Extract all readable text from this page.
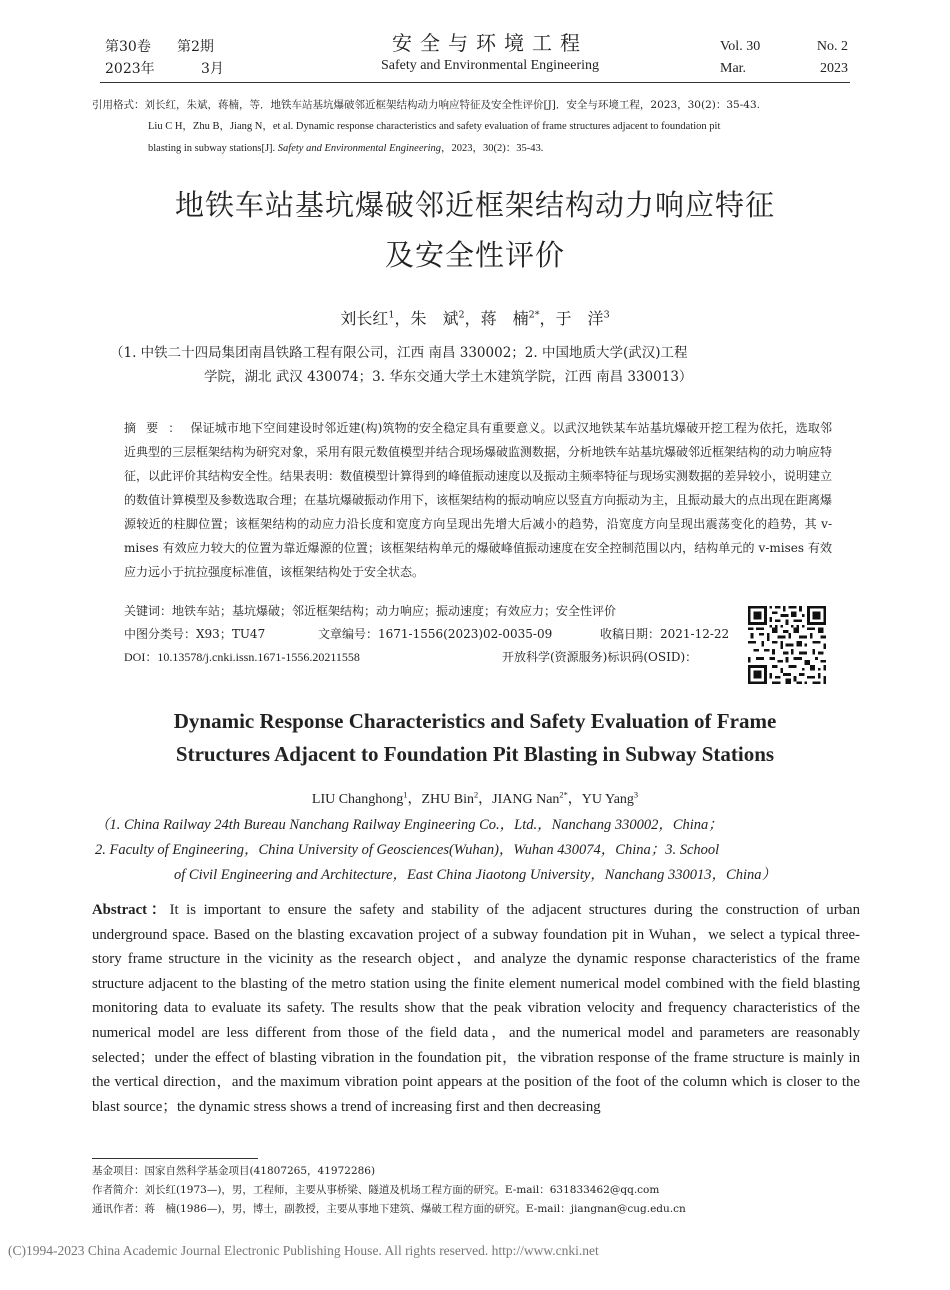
第30卷 第2期
2023年	3月
安全与环境工程
Safety and Environmental Engineering
Vol. 30	No. 2
Mar.	2023
引用格式：刘长红，朱斌，蒋楠，等．地铁车站基坑爆破邻近框架结构动力响应特征及安全性评价[J]．安全与环境工程，2023，30(2)：35-43.
Liu C H，Zhu B，Jiang N，et al. Dynamic response characteristics and safety evaluation of frame structures adjacent to foundation pit
blasting in subway stations[J]. Safety and Environmental Engineering，2023，30(2)：35-43.
地铁车站基坑爆破邻近框架结构动力响应特征
及安全性评价
刘长红$^1$，朱　斌$^2$，蒋　楠$^{2*}$，于　洋$^3$
（1. 中铁二十四局集团南昌铁路工程有限公司，江西 南昌 330002；2. 中国地质大学(武汉)工程
学院，湖北 武汉 430074；3. 华东交通大学土木建筑学院，江西 南昌 330013）
摘要：保证城市地下空间建设时邻近建(构)筑物的安全稳定具有重要意义。以武汉地铁某车站基坑爆破开挖工程为依托，选取邻近典型的三层框架结构为研究对象，采用有限元数值模型并结合现场爆破监测数据，分析地铁车站基坑爆破邻近框架结构的动力响应特征，以此评价其结构安全性。结果表明：数值模型计算得到的峰值振动速度以及振动主频率特征与现场实测数据的差异较小，说明建立的数值计算模型及参数选取合理；在基坑爆破振动作用下，该框架结构的振动响应以竖直方向振动为主，且振动最大的点出现在距离爆源较近的柱脚位置；该框架结构的动应力沿长度和宽度方向呈现出先增大后减小的趋势，沿宽度方向呈现出震荡变化的趋势，其 v-mises 有效应力较大的位置为靠近爆源的位置；该框架结构单元的爆破峰值振动速度在安全控制范围以内，结构单元的 v-mises 有效应力远小于抗拉强度标准值，该框架结构处于安全状态。
关键词：地铁车站；基坑爆破；邻近框架结构；动力响应；振动速度；有效应力；安全性评价
中图分类号：X93；TU47	文章编号：1671-1556(2023)02-0035-09	收稿日期：2021-12-22
DOI：10.13578/j.cnki.issn.1671-1556.20211558	开放科学(资源服务)标识码(OSID)：
Dynamic Response Characteristics and Safety Evaluation of Frame
Structures Adjacent to Foundation Pit Blasting in Subway Stations
LIU Changhong$^1$，ZHU Bin$^2$，JIANG Nan$^{2*}$，YU Yang$^3$
（1. China Railway 24th Bureau Nanchang Railway Engineering Co.，Ltd.，Nanchang 330002，China；
2. Faculty of Engineering，China University of Geosciences(Wuhan)，Wuhan 430074，China；3. School
of Civil Engineering and Architecture，East China Jiaotong University，Nanchang 330013，China）
Abstract：It is important to ensure the safety and stability of the adjacent structures during the construction of urban underground space. Based on the blasting excavation project of a subway foundation pit in Wuhan，we select a typical three-story frame structure in the vicinity as the research object，and analyze the dynamic response characteristics of the frame structure adjacent to the blasting of the metro station using the finite element numerical model combined with the field blasting monitoring data to evaluate its safety. The results show that the peak vibration velocity and frequency characteristics of the numerical model are less different from those of the field data，and the numerical model and parameters are reasonably selected；under the effect of blasting vibration in the foundation pit，the vibration response of the frame structure is mainly in the vertical direction，and the maximum vibration point appears at the position of the foot of the column which is closer to the blast source；the dynamic stress shows a trend of increasing first and then decreasing
基金项目：国家自然科学基金项目(41807265，41972286)
作者简介：刘长红(1973—)，男，工程师，主要从事桥梁、隧道及机场工程方面的研究。E-mail：631833462@qq.com
通讯作者：蒋　楠(1986—)，男，博士，副教授，主要从事地下建筑、爆破工程方面的研究。E-mail：jiangnan@cug.edu.cn
(C)1994-2023 China Academic Journal Electronic Publishing House. All rights reserved. http://www.cnki.net
